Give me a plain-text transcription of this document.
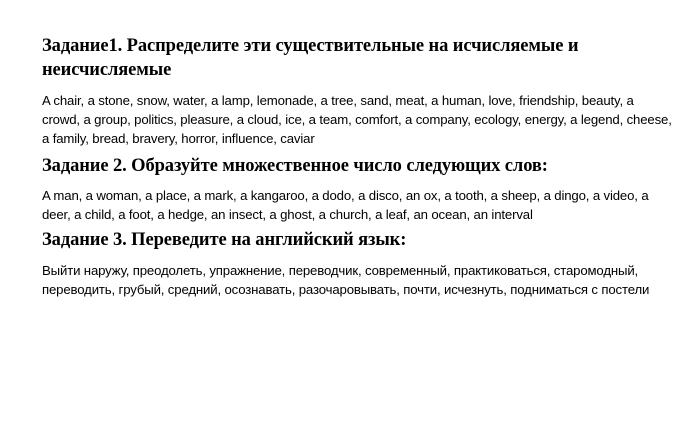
Задание1. Распределите эти существительные на исчисляемые и неисчисляемые

A chair, a stone, snow, water, a lamp, lemonade, a tree, sand, meat, a human, love, friendship, beauty, a crowd, a group, politics, pleasure, a cloud, ice, a team, comfort, a company, ecology, energy, a legend, cheese, a family, bread, bravery, horror, influence, caviar

Задание 2. Образуйте множественное число следующих слов:

A man, a woman, a place, a mark, a kangaroo, a dodo, a disco, an ox, a tooth, a sheep, a dingo, a video, a deer, a child, a foot, a hedge, an insect, a ghost, a church, a leaf, an ocean, an interval

Задание 3. Переведите на английский язык:

Выйти наружу, преодолеть, упражнение, переводчик, современный, практиковаться, старомодный, переводить, грубый, средний, осознавать, разочаровывать, почти, исчезнуть, подниматься с постели
